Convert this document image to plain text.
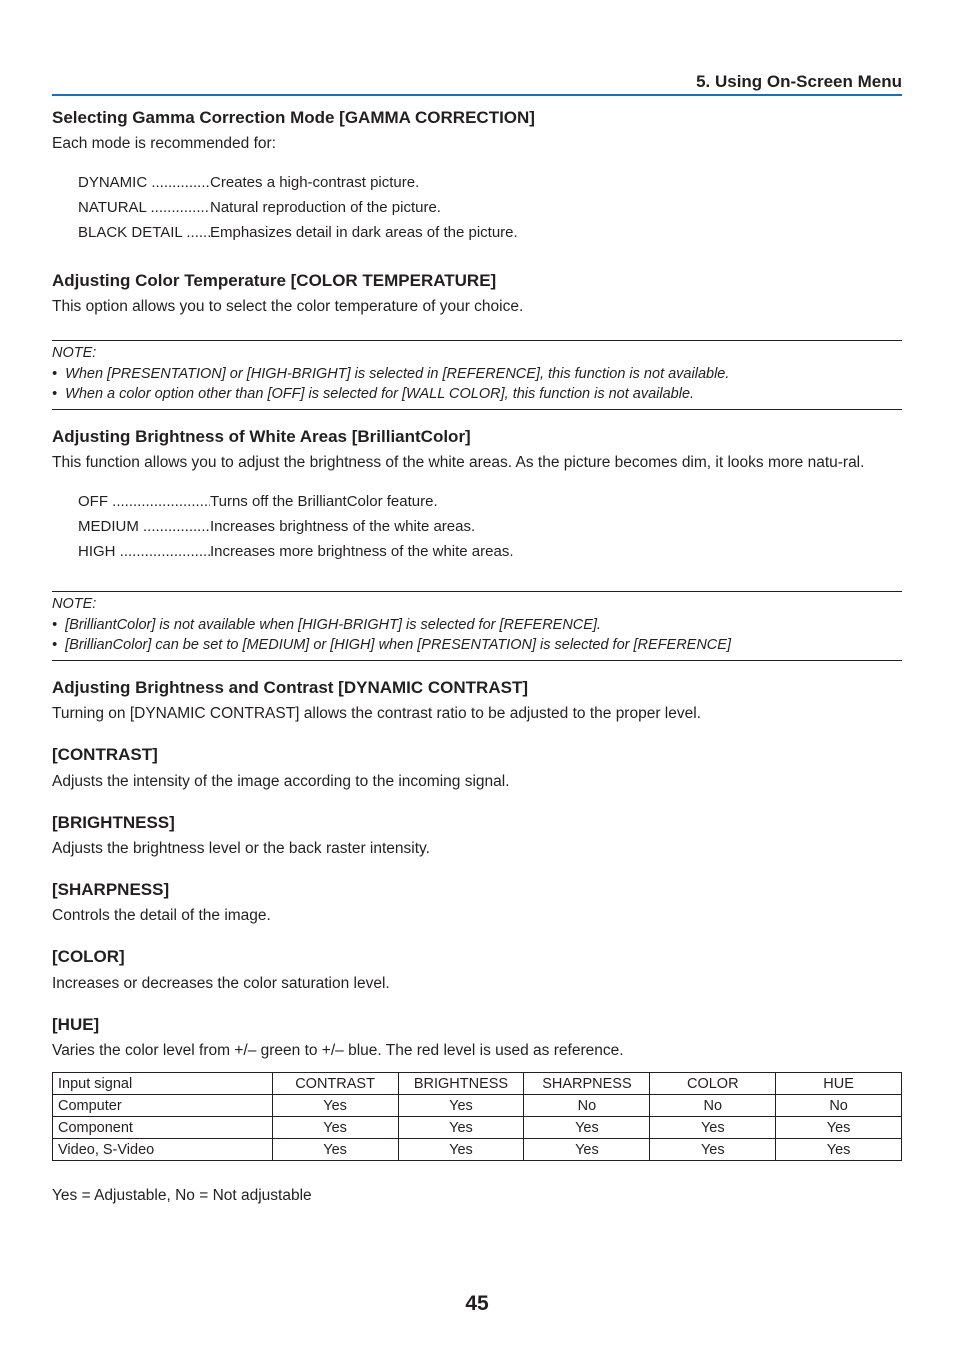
5. Using On-Screen Menu
Selecting Gamma Correction Mode [GAMMA CORRECTION]

Each mode is recommended for:

DYNAMIC .....	Creates a high-contrast picture.
NATURAL .....	Natural reproduction of the picture.
BLACK DETAIL ..... Emphasizes detail in dark areas of the picture.
Adjusting Color Temperature [COLOR TEMPERATURE]

This option allows you to select the color temperature of your choice.

NOTE:
•  When [PRESENTATION] or [HIGH-BRIGHT] is selected in [REFERENCE], this function is not available.
•  When a color option other than [OFF] is selected for [WALL COLOR], this function is not available.
Adjusting Brightness of White Areas [BrilliantColor]

This function allows you to adjust the brightness of the white areas. As the picture becomes dim, it looks more natu-ral.

OFF .....	Turns off the BrilliantColor feature.
MEDIUM .....	Increases brightness of the white areas.
HIGH .....	Increases more brightness of the white areas.
NOTE:
•  [BrilliantColor] is not available when [HIGH-BRIGHT] is selected for [REFERENCE].
•  [BrillianColor] can be set to [MEDIUM] or [HIGH] when [PRESENTATION] is selected for [REFERENCE]
Adjusting Brightness and Contrast [DYNAMIC CONTRAST]

Turning on [DYNAMIC CONTRAST] allows the contrast ratio to be adjusted to the proper level.

[CONTRAST]

Adjusts the intensity of the image according to the incoming signal.

[BRIGHTNESS]

Adjusts the brightness level or the back raster intensity.

[SHARPNESS]

Controls the detail of the image.

[COLOR]

Increases or decreases the color saturation level.

[HUE]

Varies the color level from +/– green to +/– blue. The red level is used as reference.

Input signal	CONTRAST	BRIGHTNESS	SHARPNESS	COLOR	HUE
Computer	Yes	Yes	No	No	No
Component	Yes	Yes	Yes	Yes	Yes
Video, S-Video	Yes	Yes	Yes	Yes	Yes

Yes = Adjustable, No = Not adjustable

45
